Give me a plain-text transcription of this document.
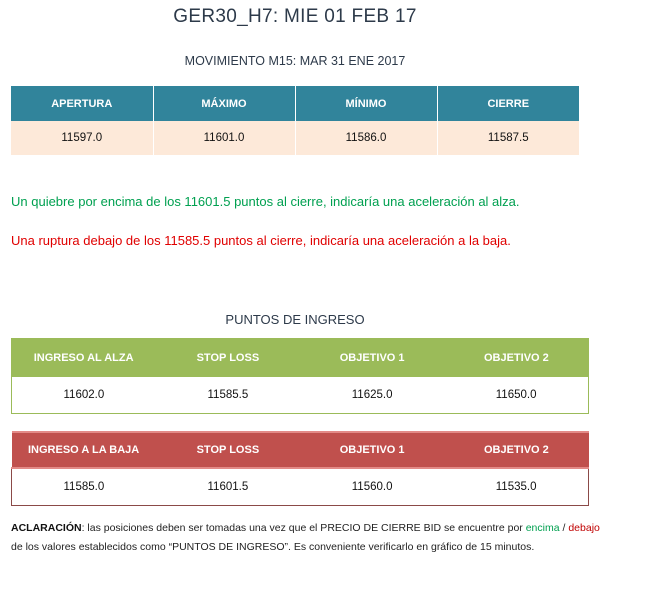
GER30_H7: MIE 01 FEB 17
MOVIMIENTO M15: MAR 31 ENE 2017
APERTURA	MÁXIMO	MÍNIMO	CIERRE
11597.0	11601.0	11586.0	11587.5
Un quiebre por encima de los 11601.5 puntos al cierre, indicaría una aceleración al alza.
Una ruptura debajo de los 11585.5 puntos al cierre, indicaría una aceleración a la baja.
PUNTOS DE INGRESO
INGRESO AL ALZA	STOP LOSS	OBJETIVO 1	OBJETIVO 2
11602.0	11585.5	11625.0	11650.0
INGRESO A LA BAJA	STOP LOSS	OBJETIVO 1	OBJETIVO 2
11585.0	11601.5	11560.0	11535.0
ACLARACIÓN: las posiciones deben ser tomadas una vez que el PRECIO DE CIERRE BID se encuentre por encima / debajo de los valores establecidos como “PUNTOS DE INGRESO”. Es conveniente verificarlo en gráfico de 15 minutos.
